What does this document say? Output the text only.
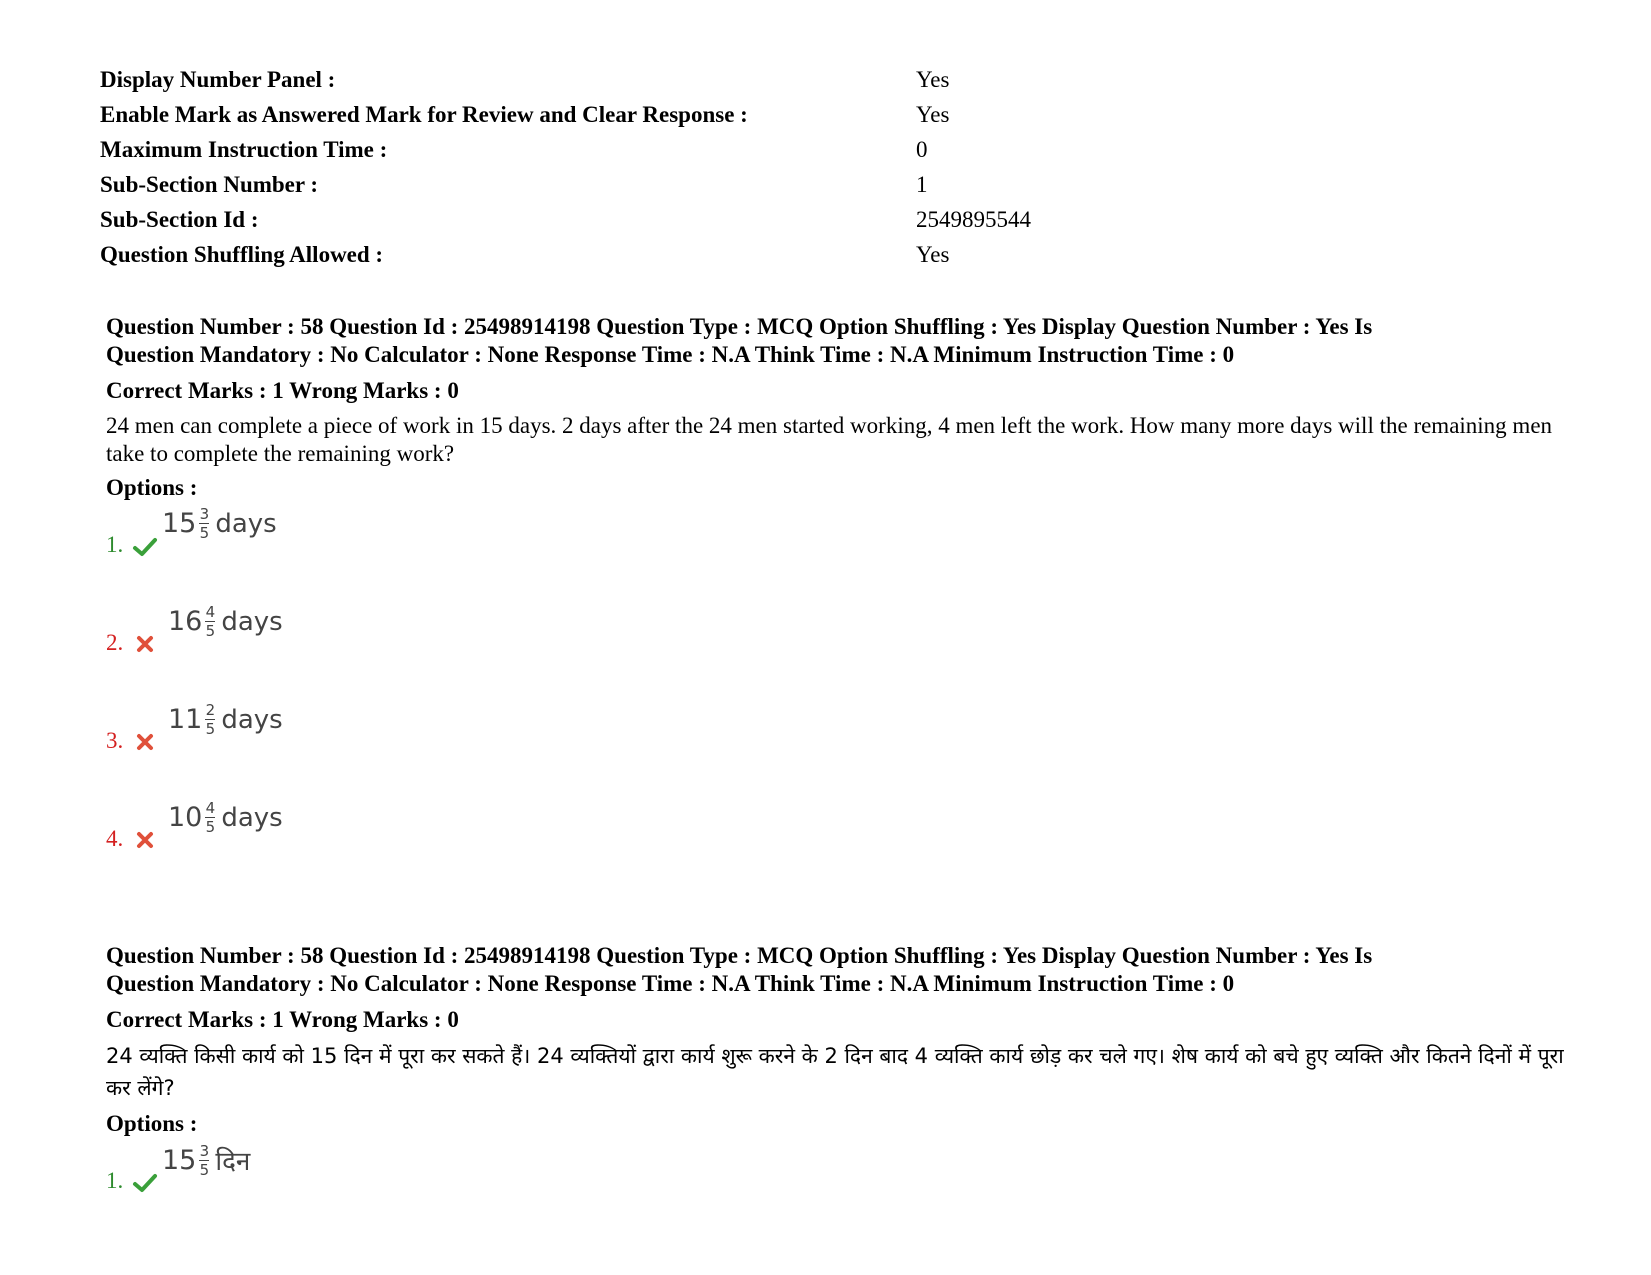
Display Number Panel :	Yes
Enable Mark as Answered Mark for Review and Clear Response :	Yes
Maximum Instruction Time :	0
Sub-Section Number :	1
Sub-Section Id :	2549895544
Question Shuffling Allowed :	Yes
Question Number : 58 Question Id : 25498914198 Question Type : MCQ Option Shuffling : Yes Display Question Number : Yes Is
Question Mandatory : No Calculator : None Response Time : N.A Think Time : N.A Minimum Instruction Time : 0
Correct Marks : 1 Wrong Marks : 0
24 men can complete a piece of work in 15 days. 2 days after the 24 men started working, 4 men left the work. How many more days will the remaining men take to complete the remaining work?
Options :
1.
$15 \frac{3}{5}$ days
2.
$16 \frac{4}{5}$ days
3.
$11 \frac{2}{5}$ days
4.
$10 \frac{4}{5}$ days
Question Number : 58 Question Id : 25498914198 Question Type : MCQ Option Shuffling : Yes Display Question Number : Yes Is
Question Mandatory : No Calculator : None Response Time : N.A Think Time : N.A Minimum Instruction Time : 0
Correct Marks : 1 Wrong Marks : 0
24 व्यक्ति किसी कार्य को 15 दिन में पूरा कर सकते हैं। 24 व्यक्तियों द्वारा कार्य शुरू करने के 2 दिन बाद 4 व्यक्ति कार्य छोड़ कर चले गए। शेष कार्य को बचे हुए व्यक्ति और कितने दिनों में पूरा कर लेंगे?
Options :
1.
$15 \frac{3}{5}$ दिन
